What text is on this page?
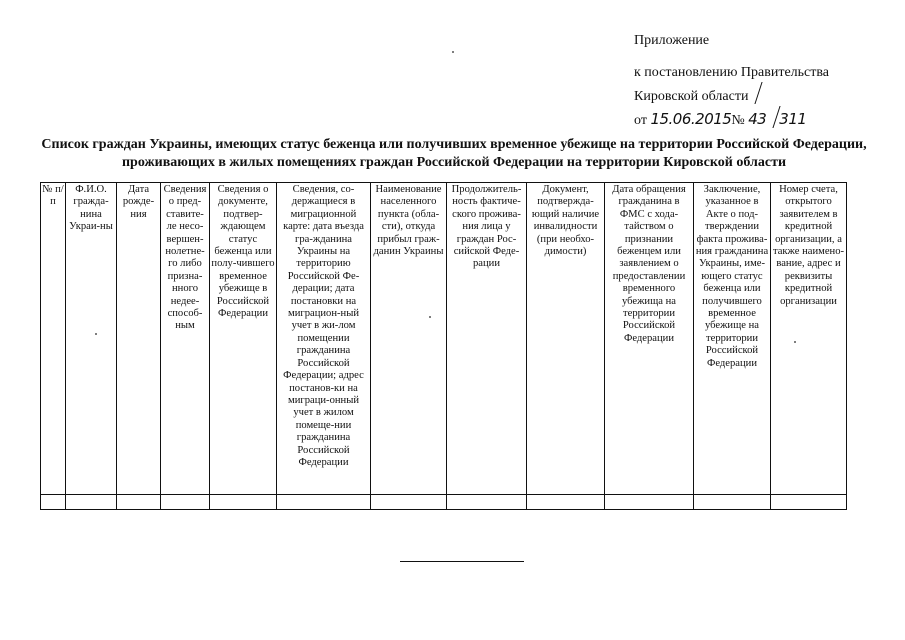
Приложение
к постановлению Правительства
Кировской области
от 15.06.2015№ 43 311
Список граждан Украины, имеющих статус беженца или получивших временное убежище на территории Российской Федерации, проживающих в жилых помещениях граждан Российской Федерации на территории Кировской области
№ п/п	Ф.И.О. граждa-нина Украи-ны	Дата рожде-ния	Сведения о пред-ставите-ле несо-вершен-нолетне-го либо призна-нного недее-способ-ным	Сведения о документе, подтвер-ждающем статус беженца или полу-чившего временное убежище в Российской Федерации	Сведения, со-держащиеся в миграционной карте: дата въезда гра-жданина Украины на территорию Российской Фе-дерации; дата постановки на миграцион-ный учет в жи-лом помещении гражданина Российской Федерации; адрес постанов-ки на миграци-онный учет в жилом помеще-нии гражданина Российской Федерации	Наименование населенного пункта (обла-сти), откуда прибыл граж-данин Украины	Продолжитель-ность фактиче-ского прожива-ния лица у граждан Рос-сийской Феде-рации	Документ, подтвержда-ющий наличие инвалидности (при необхо-димости)	Дата обращения гражданина в ФМС с хода-тайством о признании беженцем или заявлением о предоставлении временного убежища на территории Российской Федерации	Заключение, указанное в Акте о под-тверждении факта прожива-ния гражданина Украины, име-ющего статус беженца или получившего временное убежище на территории Российской Федерации	Номер счета, открытого заявителем в кредитной организации, а также наимено-вание, адрес и реквизиты кредитной организации
